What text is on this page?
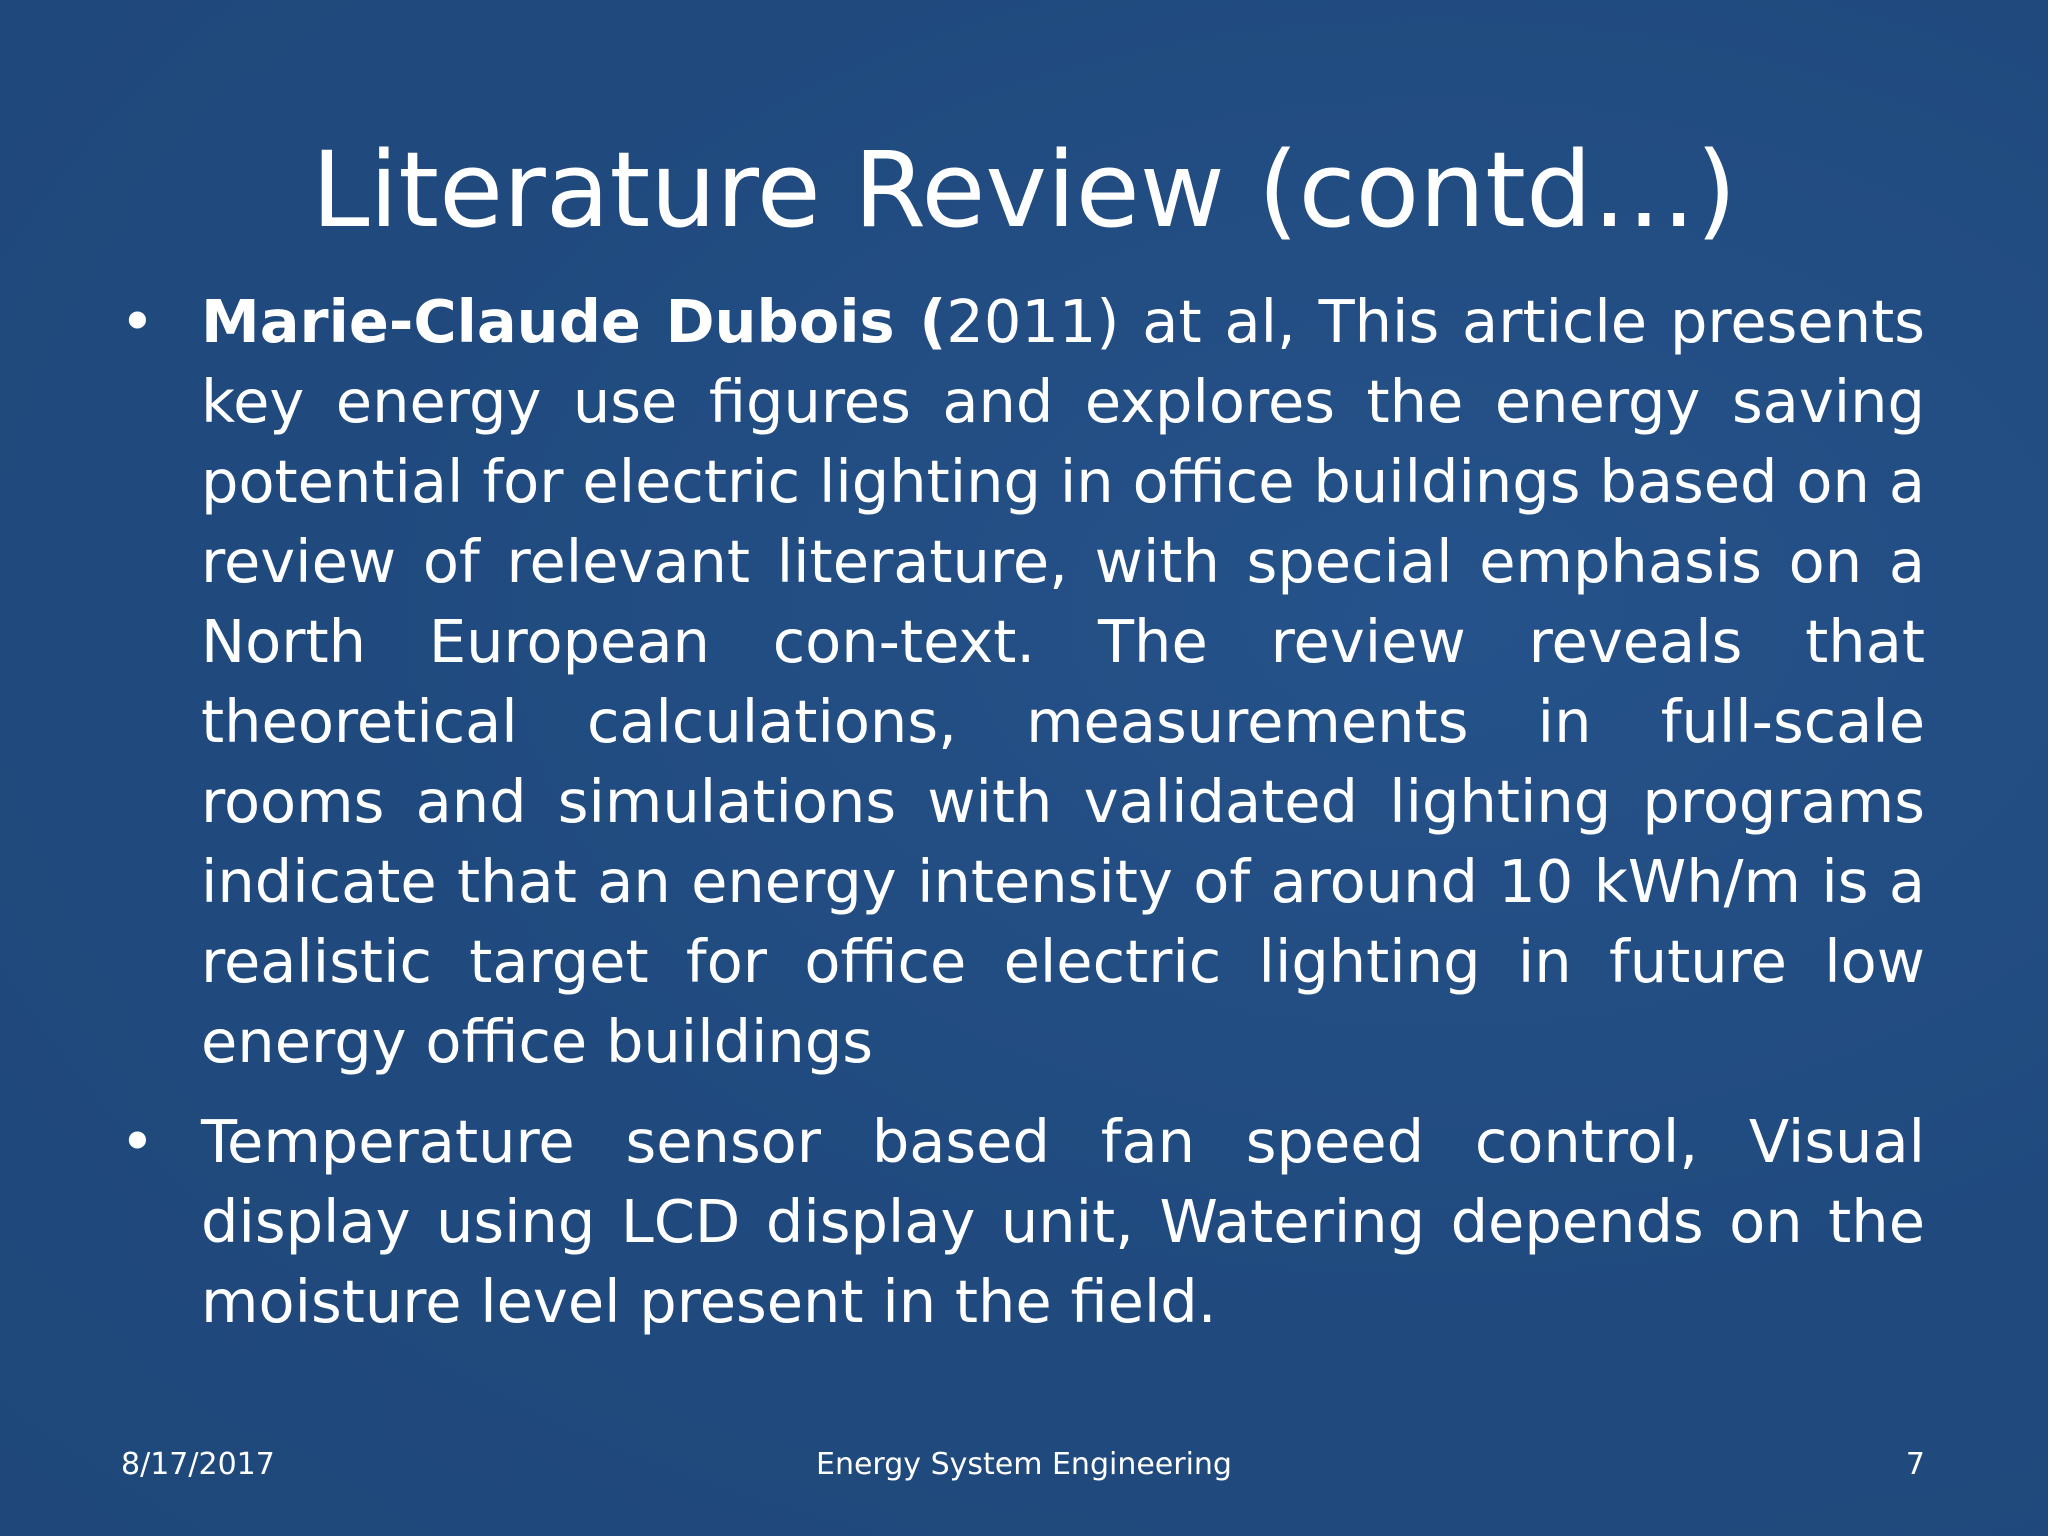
Literature Review (contd…)
• Marie-Claude Dubois (2011) at al, This article presents key energy use figures and explores the energy saving potential for electric lighting in office buildings based on a review of relevant literature, with special emphasis on a North European con-text. The review reveals that theoretical calculations, measurements in full-scale rooms and simulations with validated lighting programs indicate that an energy intensity of around 10 kWh/m is a realistic target for office electric lighting in future low energy office buildings
• Temperature sensor based fan speed control, Visual display using LCD display unit, Watering depends on the moisture level present in the field.
8/17/2017	Energy System Engineering	7
